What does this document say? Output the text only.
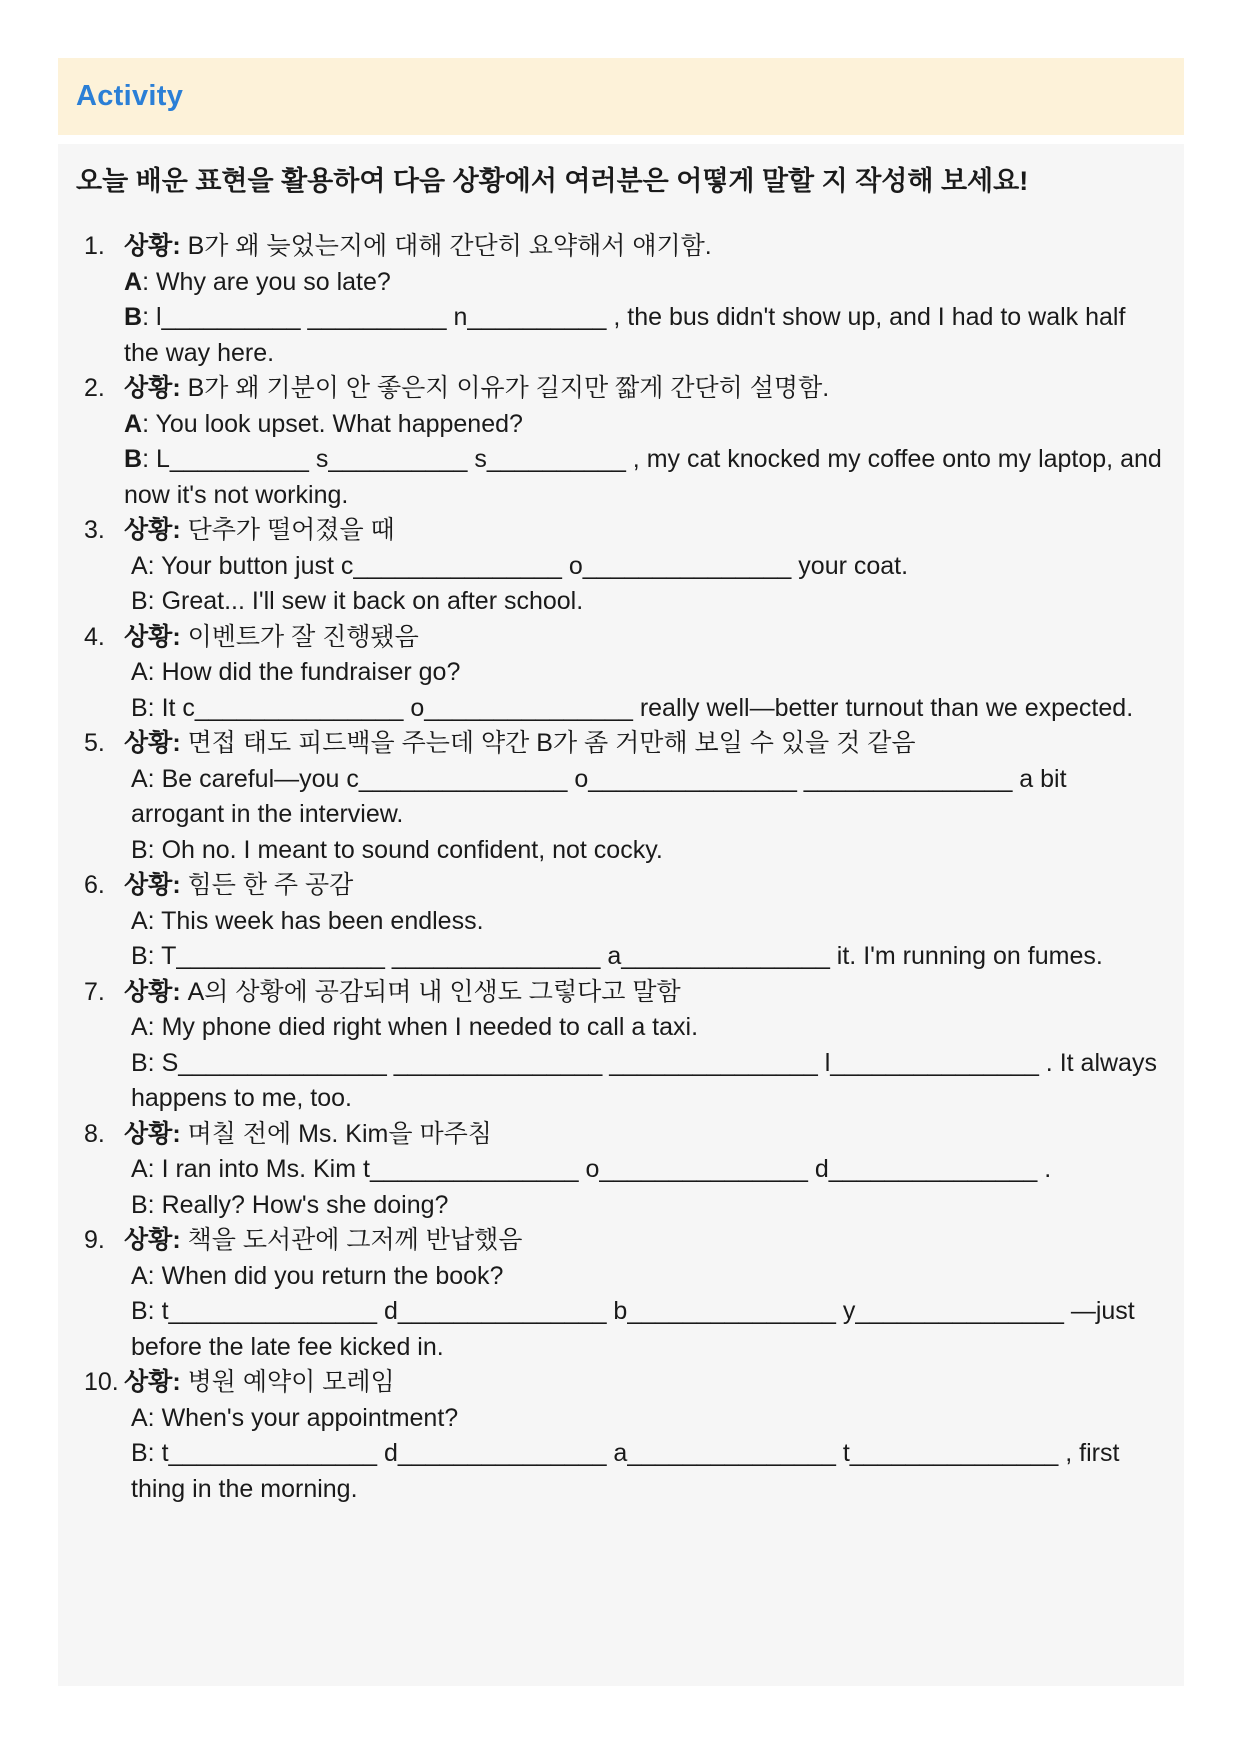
Activity
오늘 배운 표현을 활용하여 다음 상황에서 여러분은 어떻게 말할 지 작성해 보세요!
1. 상황: B가 왜 늦었는지에 대해 간단히 요약해서 얘기함.
A: Why are you so late?
B: l__________ __________ n__________ , the bus didn't show up, and I had to walk half the way here.
2. 상황: B가 왜 기분이 안 좋은지 이유가 길지만 짧게 간단히 설명함.
A: You look upset. What happened?
B: L__________ s__________ s__________ , my cat knocked my coffee onto my laptop, and now it's not working.
3. 상황: 단추가 떨어졌을 때
A: Your button just c_______________ o_______________ your coat.
B: Great... I'll sew it back on after school.
4. 상황: 이벤트가 잘 진행됐음
A: How did the fundraiser go?
B: It c_______________ o_______________ really well—better turnout than we expected.
5. 상황: 면접 태도 피드백을 주는데 약간 B가 좀 거만해 보일 수 있을 것 같음
A: Be careful—you c_______________ o_______________ _______________ a bit arrogant in the interview.
B: Oh no. I meant to sound confident, not cocky.
6. 상황: 힘든 한 주 공감
A: This week has been endless.
B: T_______________ _______________ a_______________ it. I'm running on fumes.
7. 상황: A의 상황에 공감되며 내 인생도 그렇다고 말함
A: My phone died right when I needed to call a taxi.
B: S_______________ _______________ _______________ l_______________ . It always happens to me, too.
8. 상황: 며칠 전에 Ms. Kim을 마주침
A: I ran into Ms. Kim t_______________ o_______________ d_______________ .
B: Really? How's she doing?
9. 상황: 책을 도서관에 그저께 반납했음
A: When did you return the book?
B: t_______________ d_______________ b_______________ y_______________ —just before the late fee kicked in.
10. 상황: 병원 예약이 모레임
A: When's your appointment?
B: t_______________ d_______________ a_______________ t_______________ , first thing in the morning.
